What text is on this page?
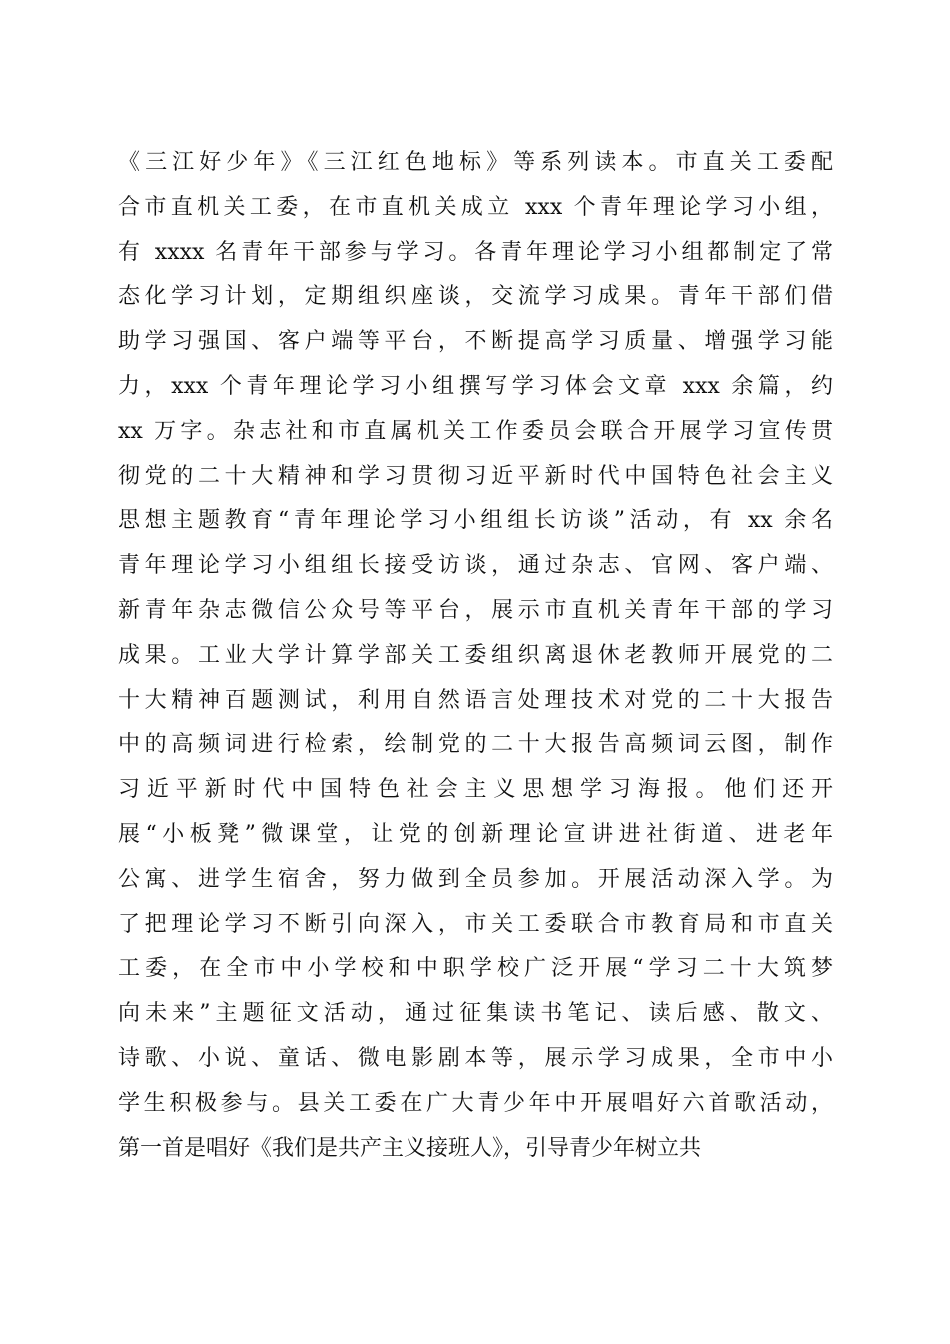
《三江好少年》《三江红色地标》等系列读本。市直关工委配
合市直机关工委，在市直机关成立 xxx 个青年理论学习小组，
有 xxxx 名青年干部参与学习。各青年理论学习小组都制定了常
态化学习计划，定期组织座谈，交流学习成果。青年干部们借
助学习强国、客户端等平台，不断提高学习质量、增强学习能
力，xxx 个青年理论学习小组撰写学习体会文章 xxx 余篇，约
xx 万字。杂志社和市直属机关工作委员会联合开展学习宣传贯
彻党的二十大精神和学习贯彻习近平新时代中国特色社会主义
思想主题教育“青年理论学习小组组长访谈”活动，有 xx 余名
青年理论学习小组组长接受访谈，通过杂志、官网、客户端、
新青年杂志微信公众号等平台，展示市直机关青年干部的学习
成果。工业大学计算学部关工委组织离退休老教师开展党的二
十大精神百题测试，利用自然语言处理技术对党的二十大报告
中的高频词进行检索，绘制党的二十大报告高频词云图，制作
习近平新时代中国特色社会主义思想学习海报。他们还开
展“小板凳”微课堂，让党的创新理论宣讲进社街道、进老年
公寓、进学生宿舍，努力做到全员参加。开展活动深入学。为
了把理论学习不断引向深入，市关工委联合市教育局和市直关
工委，在全市中小学校和中职学校广泛开展“学习二十大筑梦
向未来”主题征文活动，通过征集读书笔记、读后感、散文、
诗歌、小说、童话、微电影剧本等，展示学习成果，全市中小
学生积极参与。县关工委在广大青少年中开展唱好六首歌活动，
第一首是唱好《我们是共产主义接班人》，引导青少年树立共
